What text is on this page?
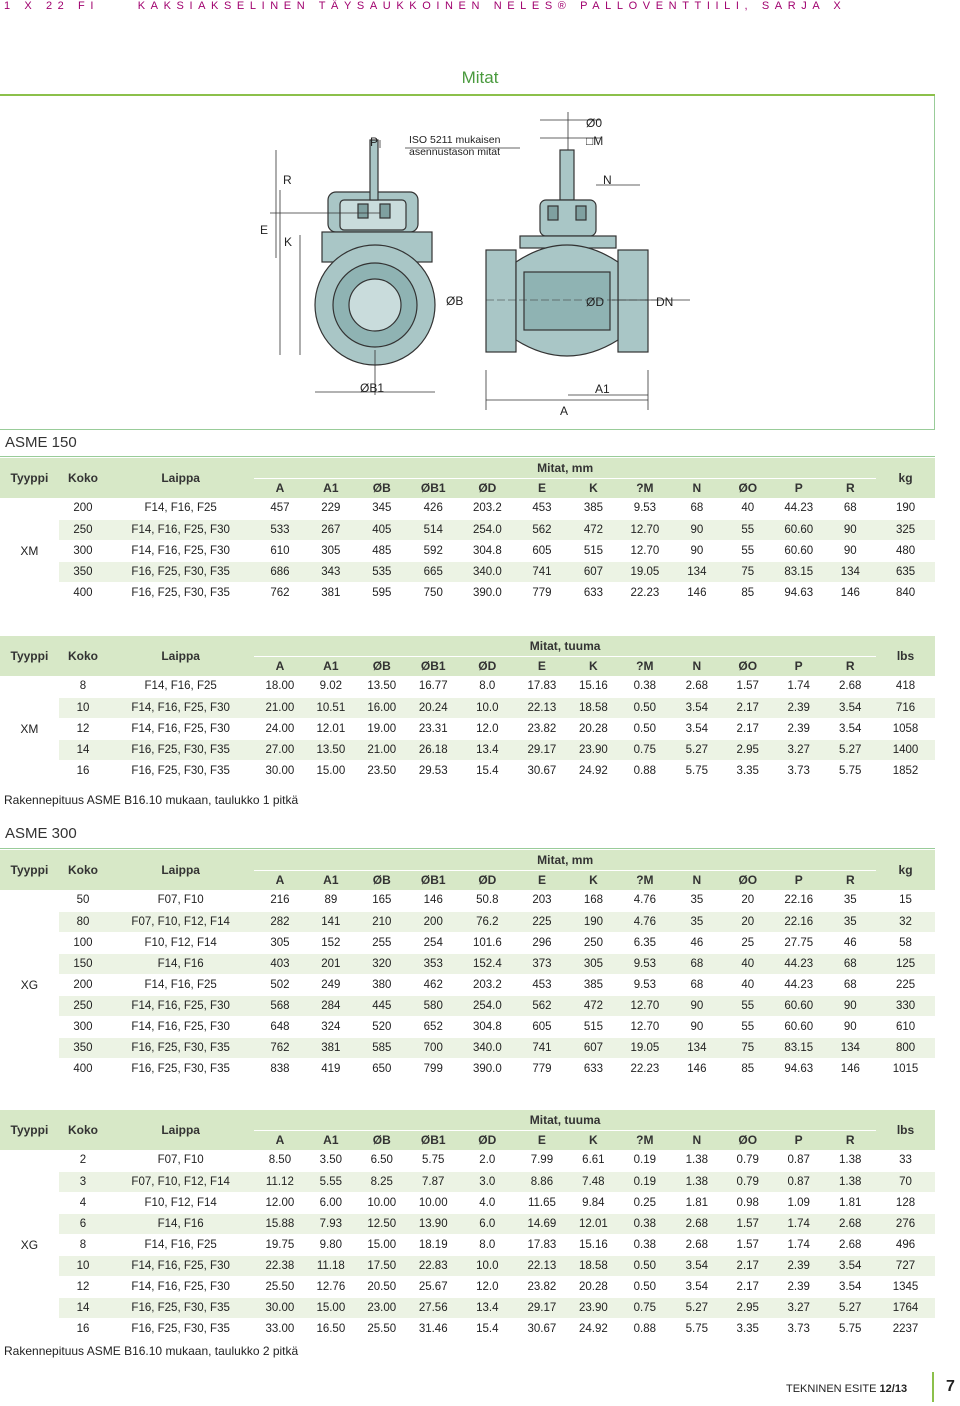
1 X 22 FI	KAKSIAKSELINEN TÄYSAUKKOINEN NELES® PALLOVENTTIILI, SARJA X
Mitat
P	ISO 5211 mukaisen
asennustason mitat
Ø0
□M
R	N
E
K
ØB	ØD	DN
ØB1	A1
A
ASME 150
Tyyppi	Koko	Laippa	Mitat, mm												kg
			A	A1	ØB	ØB1	ØD	E	K	?M	N	ØO	P	R	
XM	200	F14, F16, F25	457	229	345	426	203.2	453	385	9.53	68	40	44.23	68	190
	250	F14, F16, F25, F30	533	267	405	514	254.0	562	472	12.70	90	55	60.60	90	325
	300	F14, F16, F25, F30	610	305	485	592	304.8	605	515	12.70	90	55	60.60	90	480
	350	F16, F25, F30, F35	686	343	535	665	340.0	741	607	19.05	134	75	83.15	134	635
	400	F16, F25, F30, F35	762	381	595	750	390.0	779	633	22.23	146	85	94.63	146	840
Tyyppi	Koko	Laippa	Mitat, tuuma												lbs
			A	A1	ØB	ØB1	ØD	E	K	?M	N	ØO	P	R	
XM	8	F14, F16, F25	18.00	9.02	13.50	16.77	8.0	17.83	15.16	0.38	2.68	1.57	1.74	2.68	418
	10	F14, F16, F25, F30	21.00	10.51	16.00	20.24	10.0	22.13	18.58	0.50	3.54	2.17	2.39	3.54	716
	12	F14, F16, F25, F30	24.00	12.01	19.00	23.31	12.0	23.82	20.28	0.50	3.54	2.17	2.39	3.54	1058
	14	F16, F25, F30, F35	27.00	13.50	21.00	26.18	13.4	29.17	23.90	0.75	5.27	2.95	3.27	5.27	1400
	16	F16, F25, F30, F35	30.00	15.00	23.50	29.53	15.4	30.67	24.92	0.88	5.75	3.35	3.73	5.75	1852
Rakennepituus ASME B16.10 mukaan, taulukko 1 pitkä
ASME 300
Tyyppi	Koko	Laippa	Mitat, mm												kg
			A	A1	ØB	ØB1	ØD	E	K	?M	N	ØO	P	R	
XG	50	F07, F10	216	89	165	146	50.8	203	168	4.76	35	20	22.16	35	15
	80	F07, F10, F12, F14	282	141	210	200	76.2	225	190	4.76	35	20	22.16	35	32
	100	F10, F12, F14	305	152	255	254	101.6	296	250	6.35	46	25	27.75	46	58
	150	F14, F16	403	201	320	353	152.4	373	305	9.53	68	40	44.23	68	125
	200	F14, F16, F25	502	249	380	462	203.2	453	385	9.53	68	40	44.23	68	225
	250	F14, F16, F25, F30	568	284	445	580	254.0	562	472	12.70	90	55	60.60	90	330
	300	F14, F16, F25, F30	648	324	520	652	304.8	605	515	12.70	90	55	60.60	90	610
	350	F16, F25, F30, F35	762	381	585	700	340.0	741	607	19.05	134	75	83.15	134	800
	400	F16, F25, F30, F35	838	419	650	799	390.0	779	633	22.23	146	85	94.63	146	1015
Tyyppi	Koko	Laippa	Mitat, tuuma												lbs
			A	A1	ØB	ØB1	ØD	E	K	?M	N	ØO	P	R	
XG	2	F07, F10	8.50	3.50	6.50	5.75	2.0	7.99	6.61	0.19	1.38	0.79	0.87	1.38	33
	3	F07, F10, F12, F14	11.12	5.55	8.25	7.87	3.0	8.86	7.48	0.19	1.38	0.79	0.87	1.38	70
	4	F10, F12, F14	12.00	6.00	10.00	10.00	4.0	11.65	9.84	0.25	1.81	0.98	1.09	1.81	128
	6	F14, F16	15.88	7.93	12.50	13.90	6.0	14.69	12.01	0.38	2.68	1.57	1.74	2.68	276
	8	F14, F16, F25	19.75	9.80	15.00	18.19	8.0	17.83	15.16	0.38	2.68	1.57	1.74	2.68	496
	10	F14, F16, F25, F30	22.38	11.18	17.50	22.83	10.0	22.13	18.58	0.50	3.54	2.17	2.39	3.54	727
	12	F14, F16, F25, F30	25.50	12.76	20.50	25.67	12.0	23.82	20.28	0.50	3.54	2.17	2.39	3.54	1345
	14	F16, F25, F30, F35	30.00	15.00	23.00	27.56	13.4	29.17	23.90	0.75	5.27	2.95	3.27	5.27	1764
	16	F16, F25, F30, F35	33.00	16.50	25.50	31.46	15.4	30.67	24.92	0.88	5.75	3.35	3.73	5.75	2237
Rakennepituus ASME B16.10 mukaan, taulukko 2 pitkä
TEKNINEN ESITE 12/13 7
